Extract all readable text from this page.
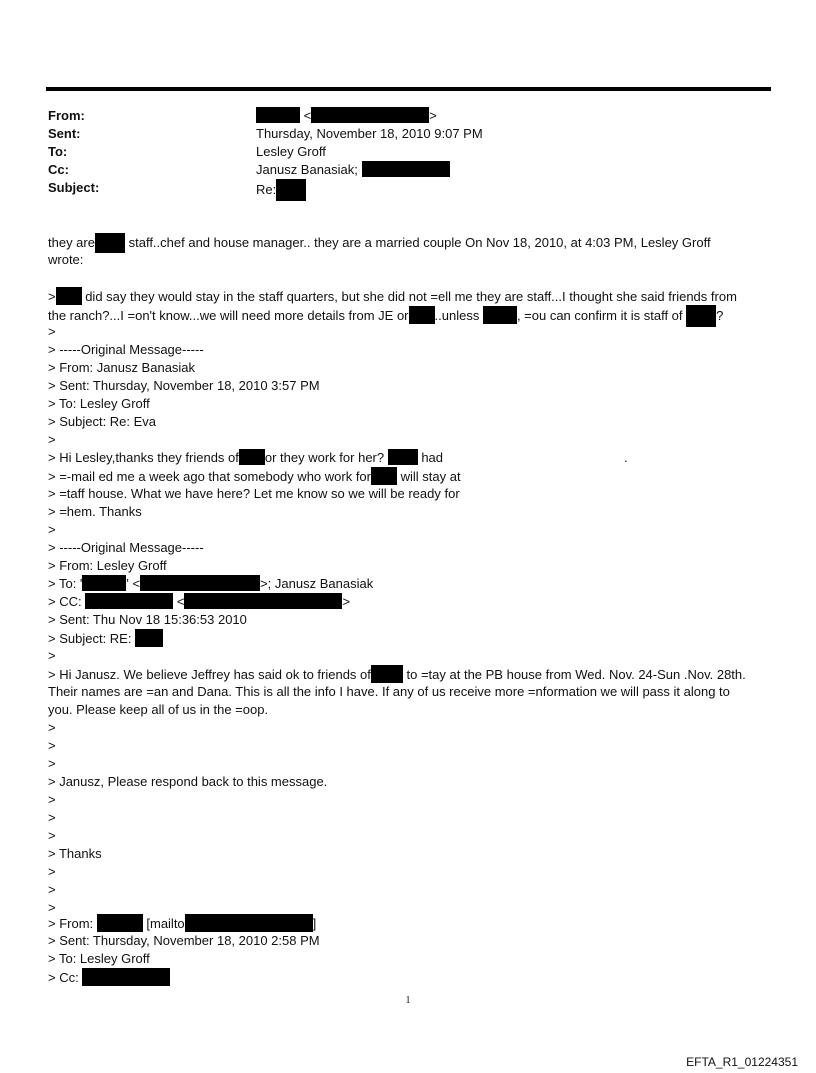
From:	<	>
Sent:	Thursday, November 18, 2010 9:07 PM
To:	Lesley Groff
Cc:	Janusz Banasiak;
Subject:	Re:
they are staff..chef and house manager.. they are a married couple On Nov 18, 2010, at 4:03 PM, Lesley Groff
wrote:
> did say they would stay in the staff quarters, but she did not =ell me they are staff...I thought she said friends from
the ranch?...I =on't know...we will need more details from JE or ..unless	, =ou can confirm it is staff of ?
>
> -----Original Message-----
> From: Janusz Banasiak
> Sent: Thursday, November 18, 2010 3:57 PM
> To: Lesley Groff
> Subject: Re: Eva
>
> Hi Lesley,thanks they friends of or they work for her?  had	.
> =-mail ed me a week ago that somebody who work for will stay at
> =taff house. What we have here? Let me know so we will be ready for
> =hem. Thanks
>
> -----Original Message-----
> From: Lesley Groff
> To: '	' <	>; Janusz Banasiak
> CC:	<	>
> Sent: Thu Nov 18 15:36:53 2010
> Subject: RE:
>
> Hi Janusz. We believe Jeffrey has said ok to friends of to =tay at the PB house from Wed. Nov. 24-Sun .Nov. 28th.
Their names are =an and Dana. This is all the info I have. If any of us receive more =nformation we will pass it along to
you. Please keep all of us in the =oop.
>
>
>
> Janusz, Please respond back to this message.
>
>
>
> Thanks
>
>
>
> From:	[mailto	]
> Sent: Thursday, November 18, 2010 2:58 PM
> To: Lesley Groff
> Cc:
1
EFTA_R1_01224351
